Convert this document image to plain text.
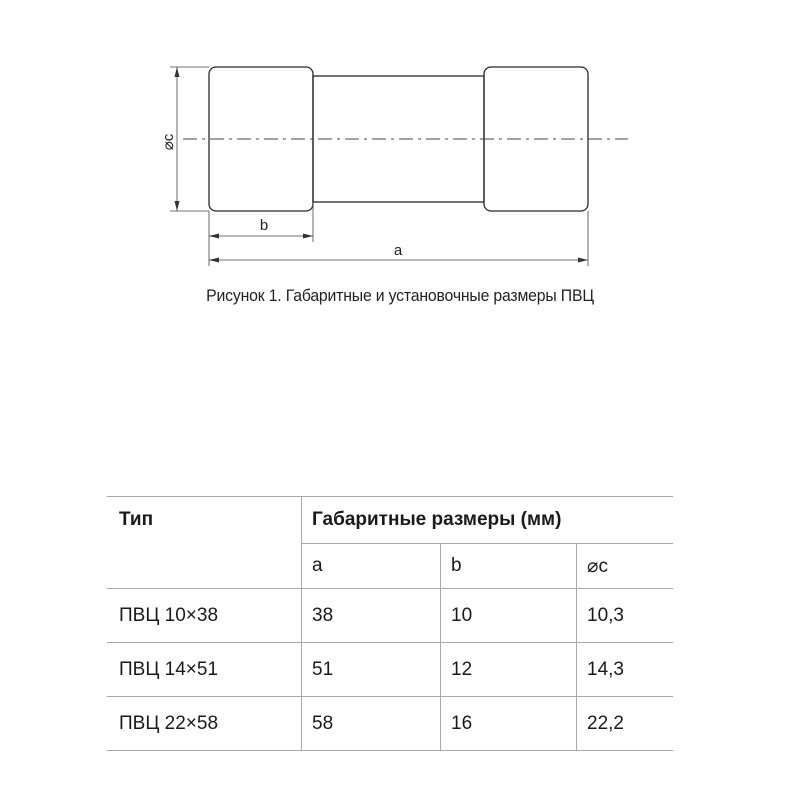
⌀c
b
a
Рисунок 1. Габаритные и установочные размеры ПВЦ
Тип	Габаритные размеры (мм)		
	a	b	⌀c
ПВЦ 10×38	38	10	10,3
ПВЦ 14×51	51	12	14,3
ПВЦ 22×58	58	16	22,2
